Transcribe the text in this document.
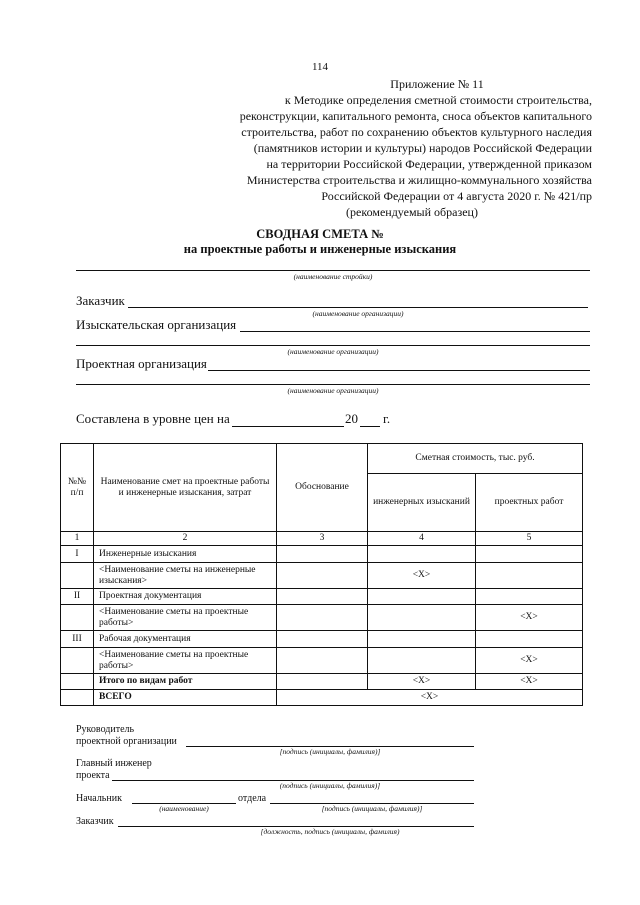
114
Приложение № 11
к Методике определения сметной стоимости строительства,
реконструкции, капитального ремонта, сноса объектов капитального
строительства, работ по сохранению объектов культурного наследия
(памятников истории и культуры) народов Российской Федерации
на территории Российской Федерации, утвержденной приказом
Министерства строительства и жилищно-коммунального хозяйства
Российской Федерации от 4 августа 2020 г. № 421/пр
(рекомендуемый образец)
СВОДНАЯ СМЕТА №
на проектные работы и инженерные изыскания
(наименование стройки)
Заказчик
(наименование организации)
Изыскательская организация
(наименование организации)
Проектная организация
(наименование организации)
Составлена в уровне цен на	20 г.
№№ п/п	Наименование смет на проектные работы и инженерные изыскания, затрат	Обоснование	Сметная стоимость, тыс. руб.	
			инженерных изысканий	проектных работ
1	2	3	4	5
I	Инженерные изыскания			
	<Наименование сметы на инженерные изыскания>		<X>	
II	Проектная документация			
	<Наименование сметы на проектные работы>			<X>
III	Рабочая документация			
	<Наименование сметы на проектные работы>			<X>
	Итого по видам работ		<X>	<X>
	ВСЕГО	<X>		
Руководитель
проектной организации
[подпись (инициалы, фамилия)]
Главный инженер
проекта
(подпись (инициалы, фамилия)]
Начальник	отдела
(наименование)	[подпись (инициалы, фамилия)]
Заказчик
[должность, подпись (инициалы, фамилия)
